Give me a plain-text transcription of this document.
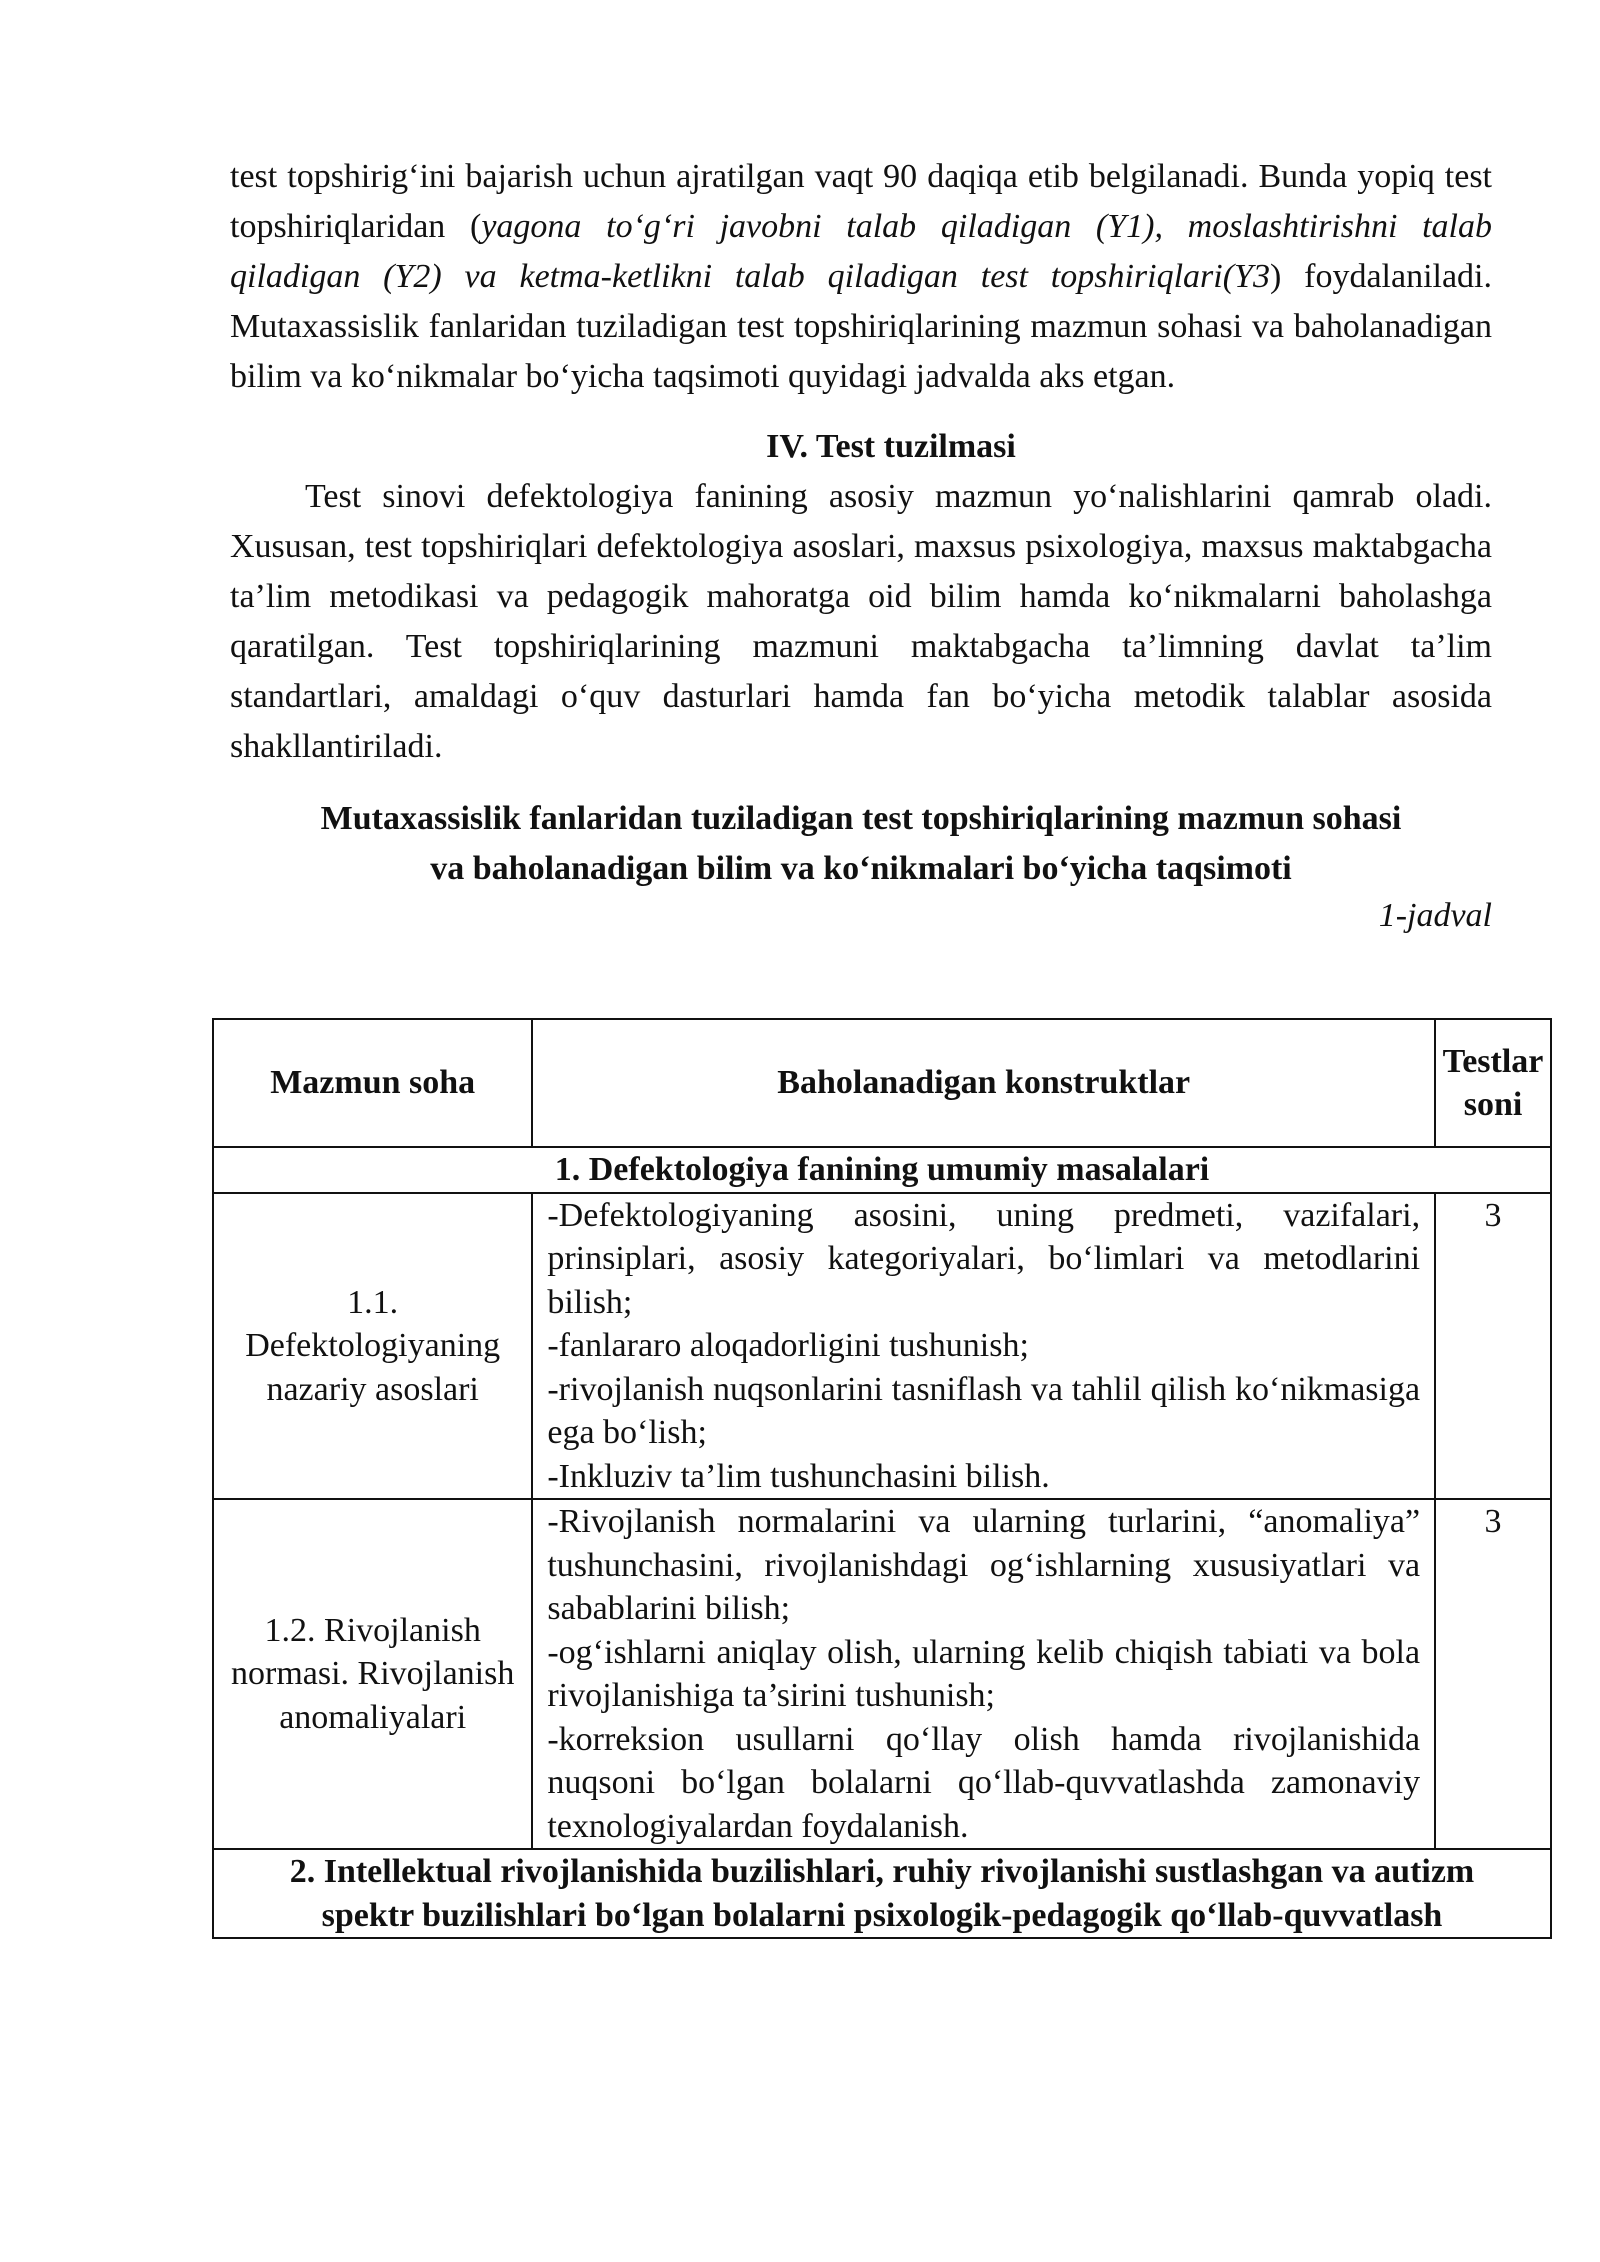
test topshirig‘ini bajarish uchun ajratilgan vaqt 90 daqiqa etib belgilanadi. Bunda yopiq test topshiriqlaridan (yagona to‘g‘ri javobni talab qiladigan (Y1), moslashtirishni talab qiladigan (Y2) va ketma-ketlikni talab qiladigan test topshiriqlari(Y3) foydalaniladi. Mutaxassislik fanlaridan tuziladigan test topshiriqlarining mazmun sohasi va baholanadigan bilim va ko‘nikmalar bo‘yicha taqsimoti quyidagi jadvalda aks etgan.

IV. Test tuzilmasi

Test sinovi defektologiya fanining asosiy mazmun yo‘nalishlarini qamrab oladi. Xususan, test topshiriqlari defektologiya asoslari, maxsus psixologiya, maxsus maktabgacha ta’lim metodikasi va pedagogik mahoratga oid bilim hamda ko‘nikmalarni baholashga qaratilgan. Test topshiriqlarining mazmuni maktabgacha ta’limning davlat ta’lim standartlari, amaldagi o‘quv dasturlari hamda fan bo‘yicha metodik talablar asosida shakllantiriladi.

Mutaxassislik fanlaridan tuziladigan test topshiriqlarining mazmun sohasi va baholanadigan bilim va ko‘nikmalari bo‘yicha taqsimoti

1-jadval

Mazmun soha	Baholanadigan konstruktlar	Testlar soni
1. Defektologiya fanining umumiy masalalari		
1.1. Defektologiyaning nazariy asoslari	-Defektologiyaning asosini, uning predmeti, vazifalari, prinsiplari, asosiy kategoriyalari, bo‘limlari va metodlarini bilish;
-fanlararo aloqadorligini tushunish;
-rivojlanish nuqsonlarini tasniflash va tahlil qilish ko‘nikmasiga ega bo‘lish;
-Inkluziv ta’lim tushunchasini bilish.	3
1.2. Rivojlanish normasi. Rivojlanish anomaliyalari	-Rivojlanish normalarini va ularning turlarini, “anomaliya” tushunchasini, rivojlanishdagi og‘ishlarning xususiyatlari va sabablarini bilish;
-og‘ishlarni aniqlay olish, ularning kelib chiqish tabiati va bola rivojlanishiga ta’sirini tushunish;
-korreksion usullarni qo‘llay olish hamda rivojlanishida nuqsoni bo‘lgan bolalarni qo‘llab-quvvatlashda zamonaviy texnologiyalardan foydalanish.	3
2. Intellektual rivojlanishida buzilishlari, ruhiy rivojlanishi sustlashgan va autizm spektr buzilishlari bo‘lgan bolalarni psixologik-pedagogik qo‘llab-quvvatlash		
